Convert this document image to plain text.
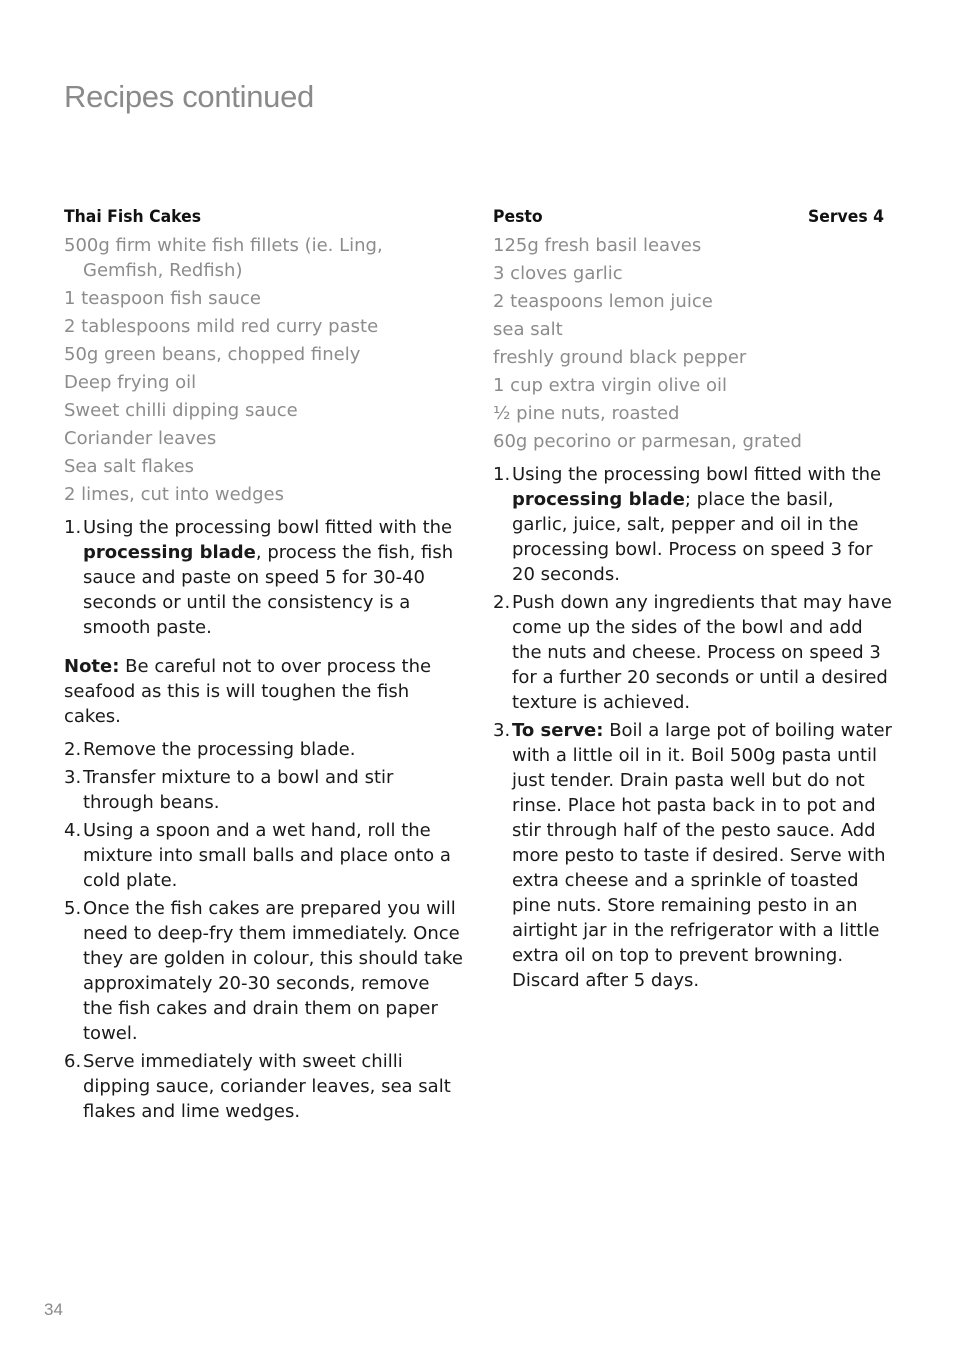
Recipes continued
Thai Fish Cakes
500g firm white fish fillets (ie. Ling, Gemfish, Redfish)
1 teaspoon fish sauce
2 tablespoons mild red curry paste
50g green beans, chopped finely
Deep frying oil
Sweet chilli dipping sauce
Coriander leaves
Sea salt flakes
2 limes, cut into wedges
1. Using the processing bowl fitted with the processing blade, process the fish, fish sauce and paste on speed 5 for 30-40 seconds or until the consistency is a smooth paste.

Note: Be careful not to over process the seafood as this is will toughen the fish cakes.

2. Remove the processing blade.
3. Transfer mixture to a bowl and stir through beans.
4. Using a spoon and a wet hand, roll the mixture into small balls and place onto a cold plate.
5. Once the fish cakes are prepared you will need to deep-fry them immediately. Once they are golden in colour, this should take approximately 20-30 seconds, remove the fish cakes and drain them on paper towel.
6. Serve immediately with sweet chilli dipping sauce, coriander leaves, sea salt flakes and lime wedges.
Pesto	Serves 4
125g fresh basil leaves
3 cloves garlic
2 teaspoons lemon juice
sea salt
freshly ground black pepper
1 cup extra virgin olive oil
½ pine nuts, roasted
60g pecorino or parmesan, grated
1. Using the processing bowl fitted with the processing blade; place the basil, garlic, juice, salt, pepper and oil in the processing bowl. Process on speed 3 for 20 seconds.
2. Push down any ingredients that may have come up the sides of the bowl and add the nuts and cheese. Process on speed 3 for a further 20 seconds or until a desired texture is achieved.
3. To serve: Boil a large pot of boiling water with a little oil in it. Boil 500g pasta until just tender. Drain pasta well but do not rinse. Place hot pasta back in to pot and stir through half of the pesto sauce. Add more pesto to taste if desired. Serve with extra cheese and a sprinkle of toasted pine nuts. Store remaining pesto in an airtight jar in the refrigerator with a little extra oil on top to prevent browning. Discard after 5 days.
34
